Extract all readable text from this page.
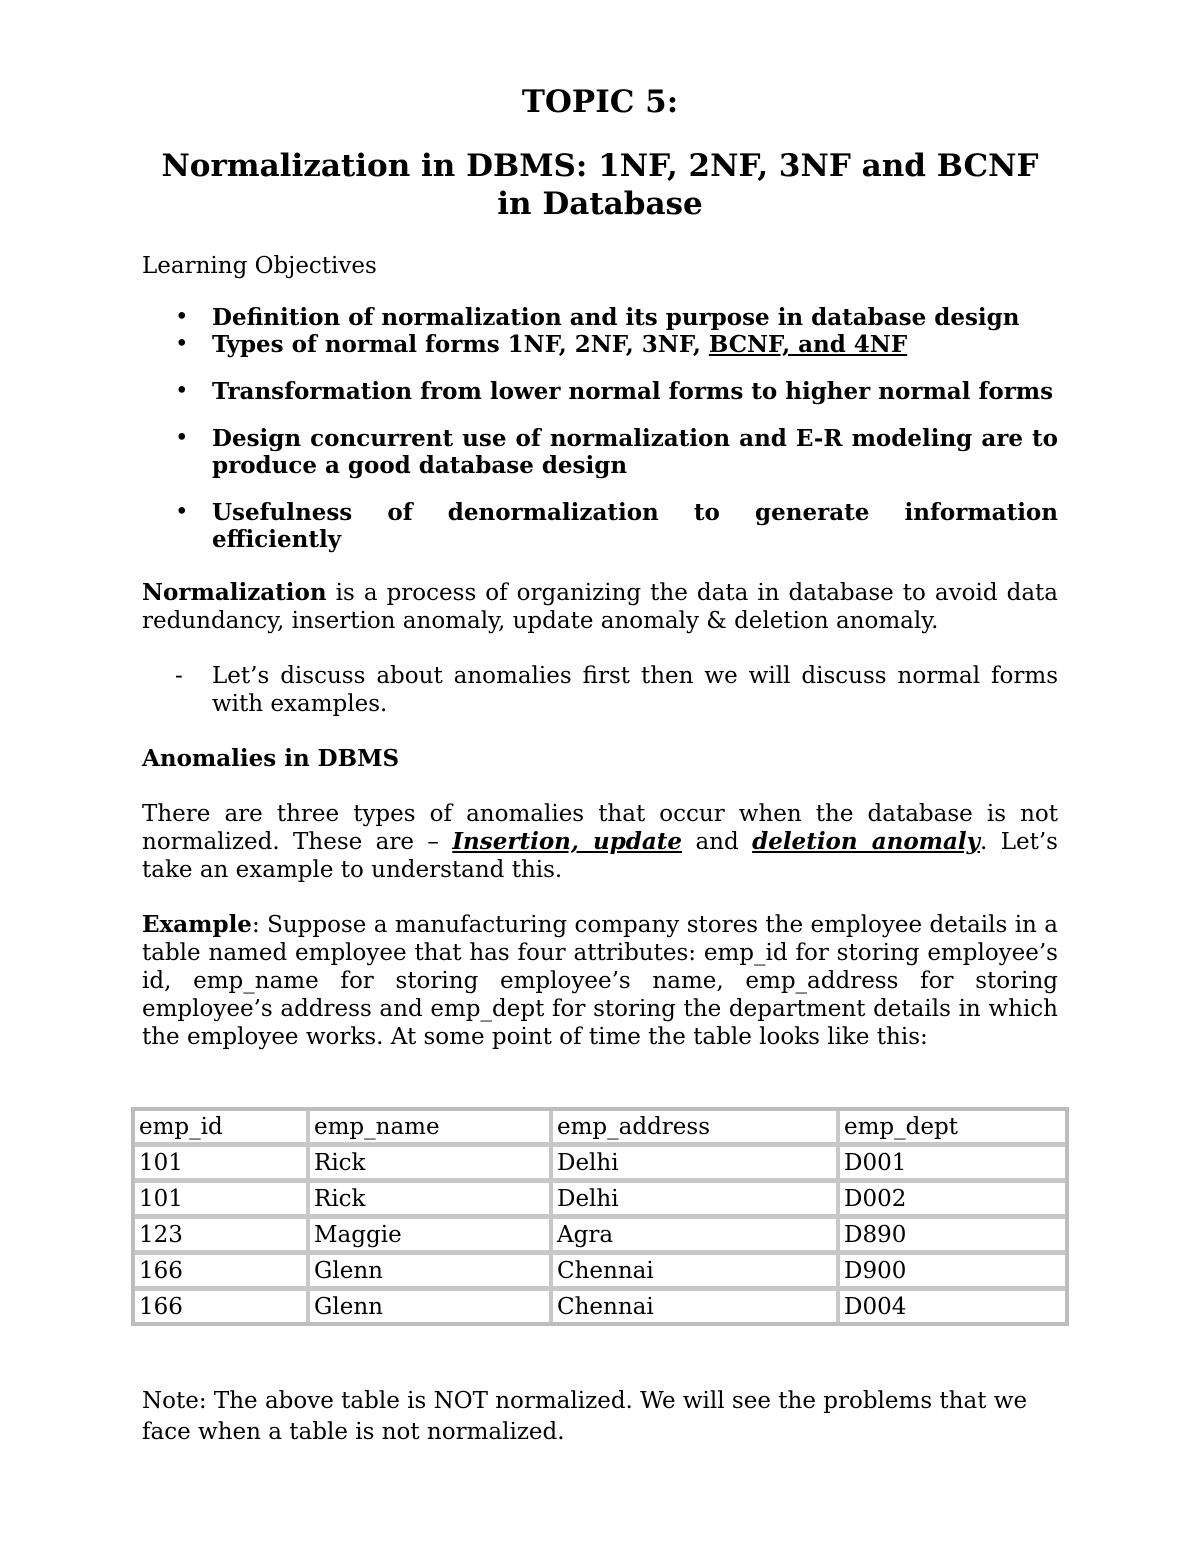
TOPIC 5:

Normalization in DBMS: 1NF, 2NF, 3NF and BCNF
in Database

Learning Objectives

• Definition of normalization and its purpose in database design
• Types of normal forms 1NF, 2NF, 3NF, BCNF, and 4NF
• Transformation from lower normal forms to higher normal forms
• Design concurrent use of normalization and E-R modeling are to produce a good database design
• Usefulness of denormalization to generate information efficiently

Normalization is a process of organizing the data in database to avoid data redundancy, insertion anomaly, update anomaly & deletion anomaly.

- Let’s discuss about anomalies first then we will discuss normal forms with examples.

Anomalies in DBMS

There are three types of anomalies that occur when the database is not normalized. These are – Insertion, update and deletion anomaly. Let’s take an example to understand this.

Example: Suppose a manufacturing company stores the employee details in a table named employee that has four attributes: emp_id for storing employee’s id, emp_name for storing employee’s name, emp_address for storing employee’s address and emp_dept for storing the department details in which the employee works. At some point of time the table looks like this:

emp_id	emp_name	emp_address	emp_dept
101	Rick	Delhi	D001
101	Rick	Delhi	D002
123	Maggie	Agra	D890
166	Glenn	Chennai	D900
166	Glenn	Chennai	D004

Note: The above table is NOT normalized. We will see the problems that we face when a table is not normalized.
